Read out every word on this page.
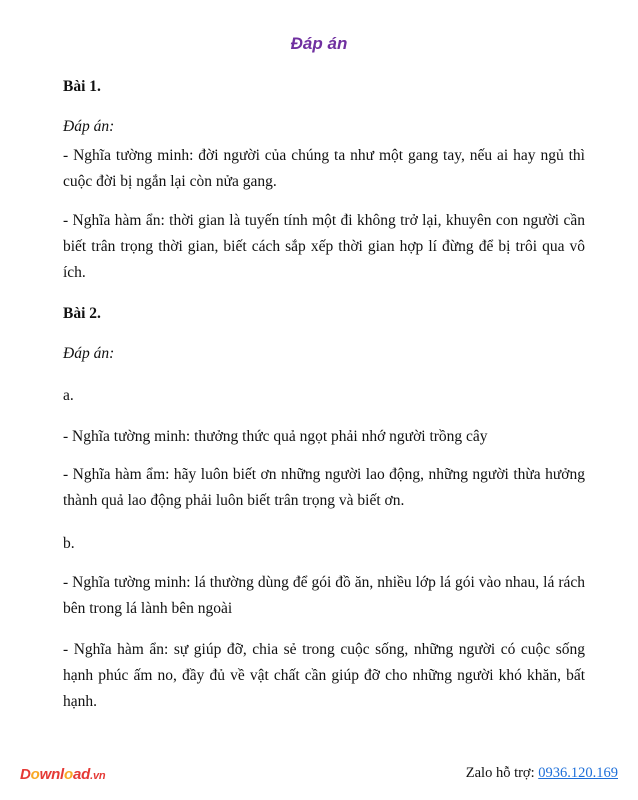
Đáp án
Bài 1.
Đáp án:
- Nghĩa tường minh: đời người của chúng ta như một gang tay, nếu ai hay ngủ thì cuộc đời bị ngắn lại còn nửa gang.
- Nghĩa hàm ẩn: thời gian là tuyến tính một đi không trở lại, khuyên con người cần biết trân trọng thời gian, biết cách sắp xếp thời gian hợp lí đừng để bị trôi qua vô ích.
Bài 2.
Đáp án:
a.
- Nghĩa tường minh: thưởng thức quả ngọt phải nhớ người trồng cây
- Nghĩa hàm ẩm: hãy luôn biết ơn những người lao động, những người thừa hưởng thành quả lao động phải luôn biết trân trọng và biết ơn.
b.
- Nghĩa tường minh: lá thường dùng để gói đồ ăn, nhiều lớp lá gói vào nhau, lá rách bên trong lá lành bên ngoài
- Nghĩa hàm ẩn: sự giúp đỡ, chia sẻ trong cuộc sống, những người có cuộc sống hạnh phúc ấm no, đầy đủ về vật chất cần giúp đỡ cho những người khó khăn, bất hạnh.
Download.vn	Zalo hỗ trợ: 0936.120.169
